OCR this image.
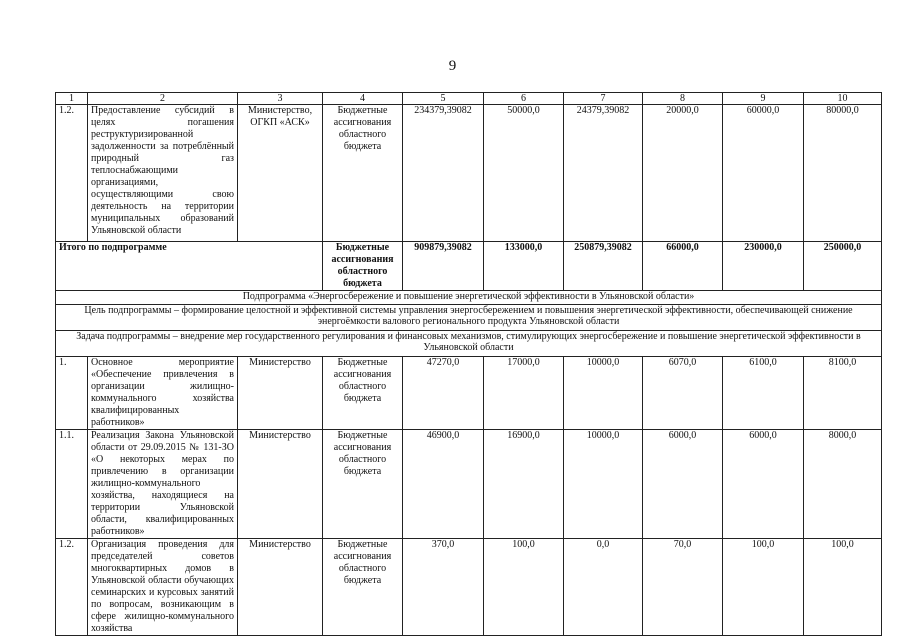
9
1	2	3	4	5	6	7	8	9	10
1.2.	Предоставление субсидий в целях погашения реструктуризированной задолженности за потреблённый природный газ теплоснабжающими организациями, осуществляющими свою деятельность на территории муниципальных образований Ульяновской области	Министерство, ОГКП «АСК»	Бюджетные ассигнования областного бюджета	234379,39082	50000,0	24379,39082	20000,0	60000,0	80000,0
Итого по подпрограмме			Бюджетные ассигнования областного бюджета	909879,39082	133000,0	250879,39082	66000,0	230000,0	250000,0
Подпрограмма «Энергосбережение и повышение энергетической эффективности в Ульяновской области»									
Цель подпрограммы – формирование целостной и эффективной системы управления энергосбережением и повышения энергетической эффективности, обеспечивающей снижение энергоёмкости валового регионального продукта Ульяновской области									
Задача подпрограммы – внедрение мер государственного регулирования и финансовых механизмов, стимулирующих энергосбережение и повышение энергетической эффективности в Ульяновской области									
1.	Основное мероприятие «Обеспечение привлечения в организации жилищно-коммунального хозяйства квалифицированных работников»	Министерство	Бюджетные ассигнования областного бюджета	47270,0	17000,0	10000,0	6070,0	6100,0	8100,0
1.1.	Реализация Закона Ульяновской области от 29.09.2015 № 131-ЗО «О некоторых мерах по привлечению в организации жилищно-коммунального хозяйства, находящиеся на территории Ульяновской области, квалифицированных работников»	Министерство	Бюджетные ассигнования областного бюджета	46900,0	16900,0	10000,0	6000,0	6000,0	8000,0
1.2.	Организация проведения для председателей советов многоквартирных домов в Ульяновской области обучающих семинарских и курсовых занятий по вопросам, возникающим в сфере жилищно-коммунального хозяйства	Министерство	Бюджетные ассигнования областного бюджета	370,0	100,0	0,0	70,0	100,0	100,0
